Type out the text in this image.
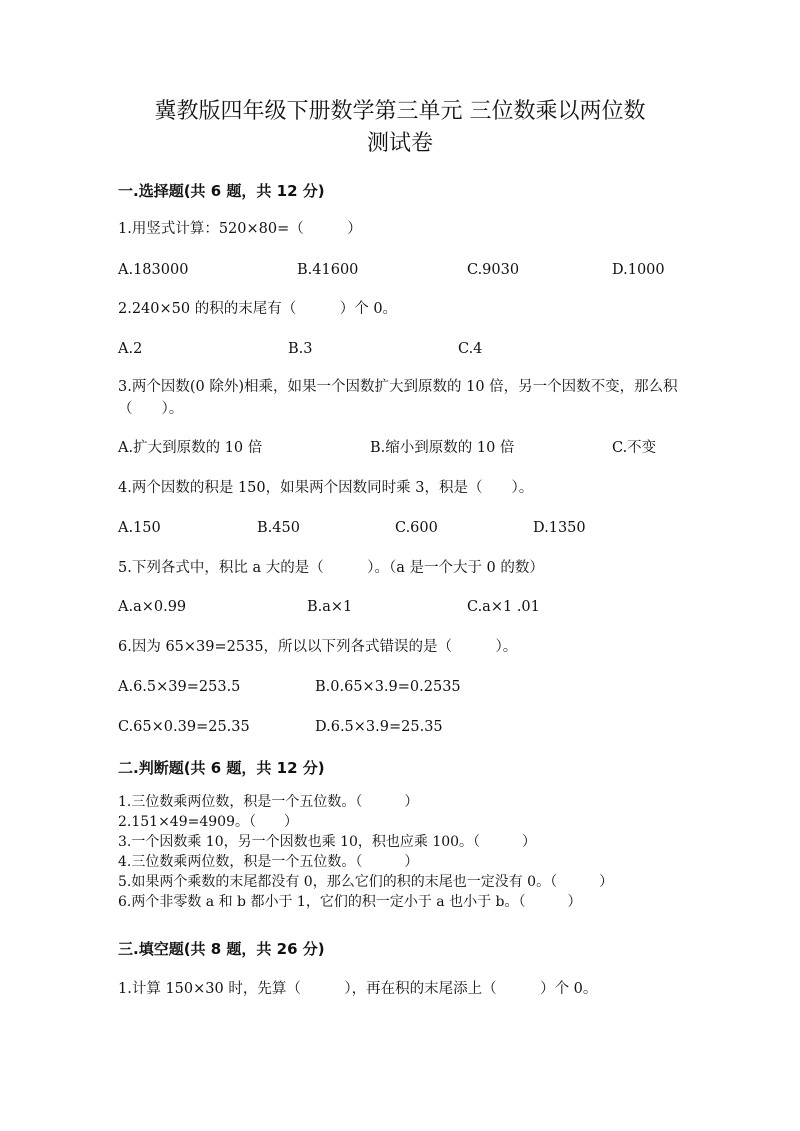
冀教版四年级下册数学第三单元 三位数乘以两位数
测试卷

一.选择题(共 6 题，共 12 分)

1.用竖式计算：520×80=（　　　）

A.183000	B.41600	C.9030	D.1000

2.240×50 的积的末尾有（　　　）个 0。

A.2	B.3	C.4

3.两个因数(0 除外)相乘，如果一个因数扩大到原数的 10 倍，另一个因数不变，那么积（　　）。

A.扩大到原数的 10 倍	B.缩小到原数的 10 倍	C.不变

4.两个因数的积是 150，如果两个因数同时乘 3，积是（　　）。

A.150	B.450	C.600	D.1350

5.下列各式中，积比 a 大的是（　　　）。（a 是一个大于 0 的数）

A.a×0.99	B.a×1	C.a×1 .01

6.因为 65×39=2535，所以以下列各式错误的是（　　　）。

A.6.5×39=253.5	B.0.65×3.9=0.2535

C.65×0.39=25.35	D.6.5×3.9=25.35

二.判断题(共 6 题，共 12 分)

1.三位数乘两位数，积是一个五位数。（　　　）

2.151×49=4909。（　　）

3.一个因数乘 10，另一个因数也乘 10，积也应乘 100。（　　　）

4.三位数乘两位数，积是一个五位数。（　　　）

5.如果两个乘数的末尾都没有 0，那么它们的积的末尾也一定没有 0。（　　　）

6.两个非零数 a 和 b 都小于 1，它们的积一定小于 a 也小于 b。（　　　）

三.填空题(共 8 题，共 26 分)

1.计算 150×30 时，先算（　　　），再在积的末尾添上（　　　）个 0。
